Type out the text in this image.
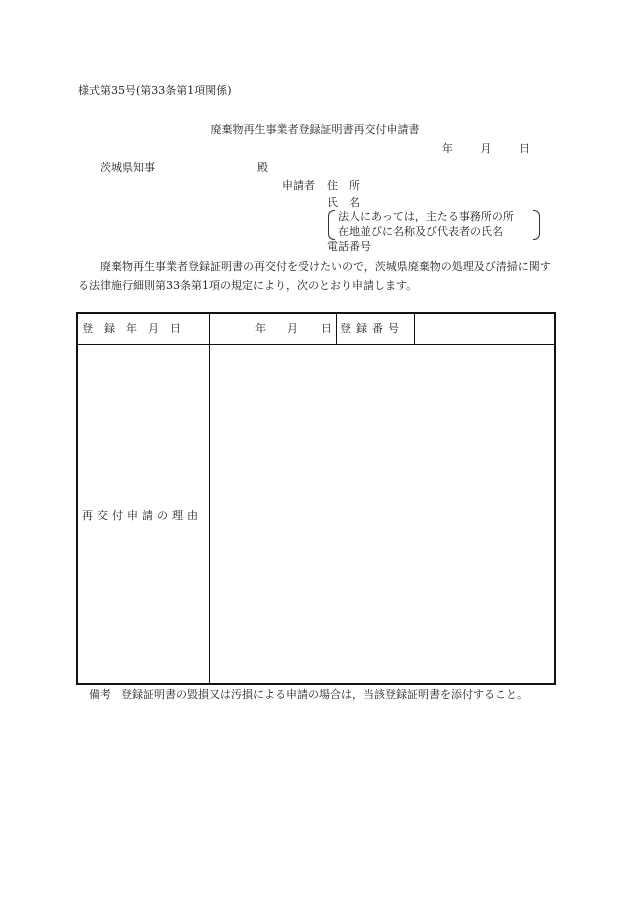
様式第35号(第33条第1項関係)
廃棄物再生事業者登録証明書再交付申請書
年	月	日
茨城県知事	殿
申請者 住　所
氏　名
法人にあっては，主たる事務所の所
在地並びに名称及び代表者の氏名
電話番号
廃棄物再生事業者登録証明書の再交付を受けたいので，茨城県廃棄物の処理及び清掃に関する法律施行細則第33条第1項の規定により，次のとおり申請します。
登録年月日	年 月 日 登録番号
再交付申請の理由
備考 登録証明書の毀損又は汚損による申請の場合は，当該登録証明書を添付すること。
